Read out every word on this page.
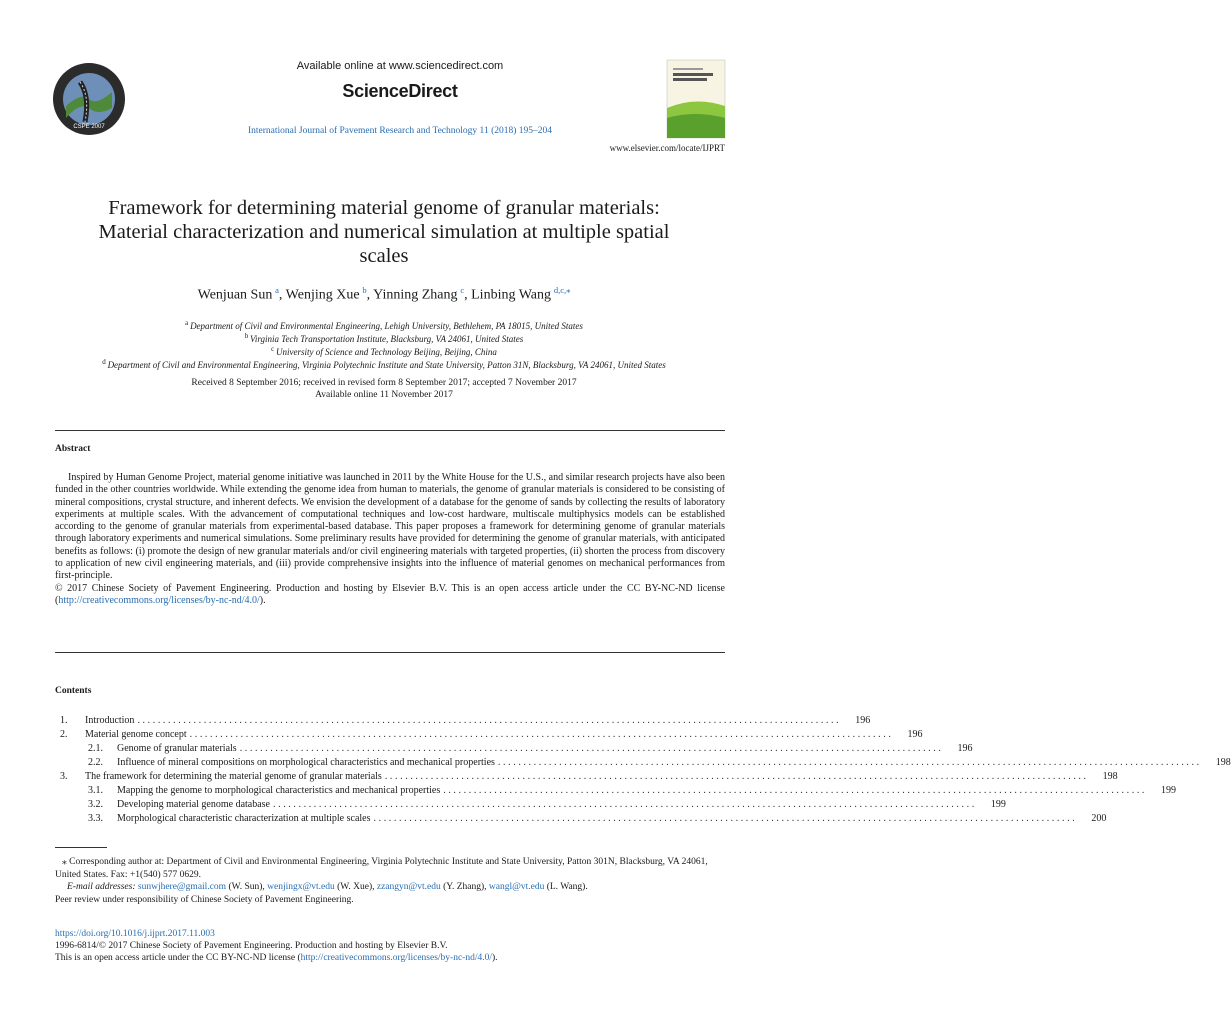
CSPE 2007
Available online at www.sciencedirect.com
ScienceDirect
International Journal of Pavement Research and Technology 11 (2018) 195–204
www.elsevier.com/locate/IJPRT
Framework for determining material genome of granular materials: Material characterization and numerical simulation at multiple spatial scales
Wenjuan Sun  $^a$, Wenjing Xue  $^b$, Yinning Zhang  $^c$, Linbing Wang  $^{d,c,⁎}$
$^a$  Department of Civil and Environmental Engineering, Lehigh University, Bethlehem, PA 18015, United States
$^b$  Virginia Tech Transportation Institute, Blacksburg, VA 24061, United States
$^c$  University of Science and Technology Beijing, Beijing, China
$^d$  Department of Civil and Environmental Engineering, Virginia Polytechnic Institute and State University, Patton 31N, Blacksburg, VA 24061, United States
Received 8 September 2016; received in revised form 8 September 2017; accepted 7 November 2017
Available online 11 November 2017
Abstract

Inspired by Human Genome Project, material genome initiative was launched in 2011 by the White House for the U.S., and similar research projects have also been funded in the other countries worldwide. While extending the genome idea from human to materials, the genome of granular materials is considered to be consisting of mineral compositions, crystal structure, and inherent defects. We envision the development of a database for the genome of sands by collecting the results of laboratory experiments at multiple scales. With the advancement of computational techniques and low-cost hardware, multiscale multiphysics models can be established according to the genome of granular materials from experimental-based database. This paper proposes a framework for determining genome of granular materials through laboratory experiments and numerical simulations. Some preliminary results have provided for determining the genome of granular materials, with anticipated benefits as follows: (i) promote the design of new granular materials and/or civil engineering materials with targeted properties, (ii) shorten the process from discovery to application of new civil engineering materials, and (iii) provide comprehensive insights into the influence of material genomes on mechanical performances from first-principle.

© 2017 Chinese Society of Pavement Engineering. Production and hosting by Elsevier B.V. This is an open access article under the CC BY-NC-ND license (http://creativecommons.org/licenses/by-nc-nd/4.0/).

Contents
1.	Introduction ..........................................................................................................................................	196
2.	Material genome concept ..........................................................................................................................................	196
2.1.	Genome of granular materials ..........................................................................................................................................	196
2.2.	Influence of mineral compositions on morphological characteristics and mechanical properties ..........................................................................................................................................	198
3.	The framework for determining the material genome of granular materials ..........................................................................................................................................	198
3.1.	Mapping the genome to morphological characteristics and mechanical properties ..........................................................................................................................................	199
3.2.	Developing material genome database ..........................................................................................................................................	199
3.3.	Morphological characteristic characterization at multiple scales ..........................................................................................................................................	200
⁎ Corresponding author at: Department of Civil and Environmental Engineering, Virginia Polytechnic Institute and State University, Patton 301N, Blacksburg, VA 24061, United States. Fax: +1(540) 577 0629.
E-mail addresses: sunwjhere@gmail.com (W. Sun), wenjingx@vt.edu (W. Xue), zzangyn@vt.edu (Y. Zhang), wangl@vt.edu (L. Wang).
Peer review under responsibility of Chinese Society of Pavement Engineering.
https://doi.org/10.1016/j.ijprt.2017.11.003
1996-6814/© 2017 Chinese Society of Pavement Engineering. Production and hosting by Elsevier B.V.
This is an open access article under the CC BY-NC-ND license (http://creativecommons.org/licenses/by-nc-nd/4.0/).
